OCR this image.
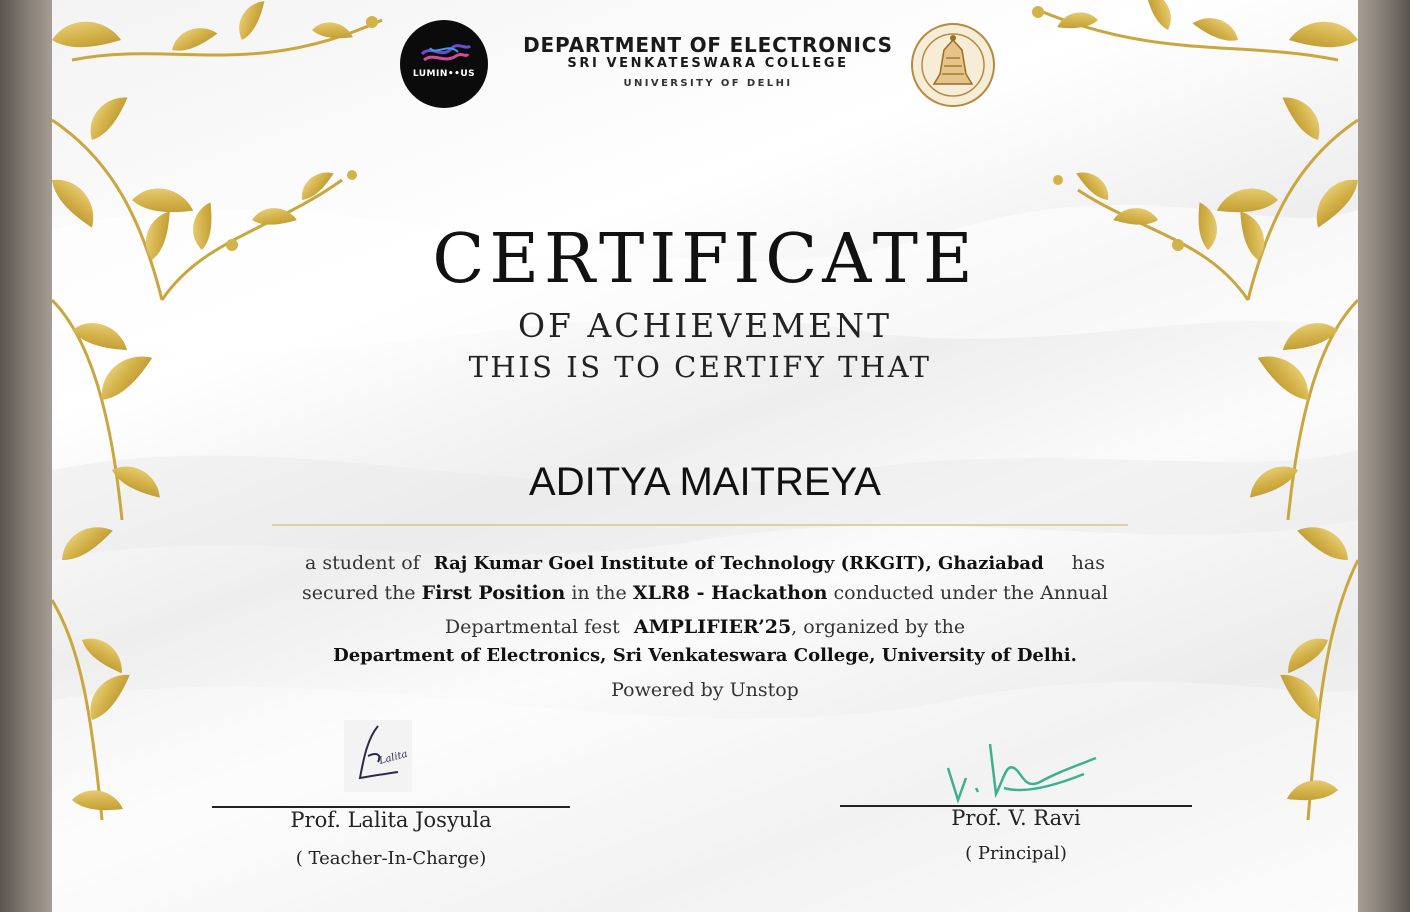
LUMIN••US
DEPARTMENT OF ELECTRONICS
SRI VENKATESWARA COLLEGE
UNIVERSITY OF DELHI
CERTIFICATE
OF ACHIEVEMENT
THIS IS TO CERTIFY THAT
ADITYA MAITREYA
a student of Raj Kumar Goel Institute of Technology (RKGIT), Ghaziabad has
secured the First Position in the XLR8 - Hackathon conducted under the Annual
Departmental fest AMPLIFIER’25, organized by the
Department of Electronics, Sri Venkateswara College, University of Delhi.
Powered by Unstop
Lalita
Prof. Lalita Josyula
( Teacher-In-Charge)
Prof. V. Ravi
( Principal)
